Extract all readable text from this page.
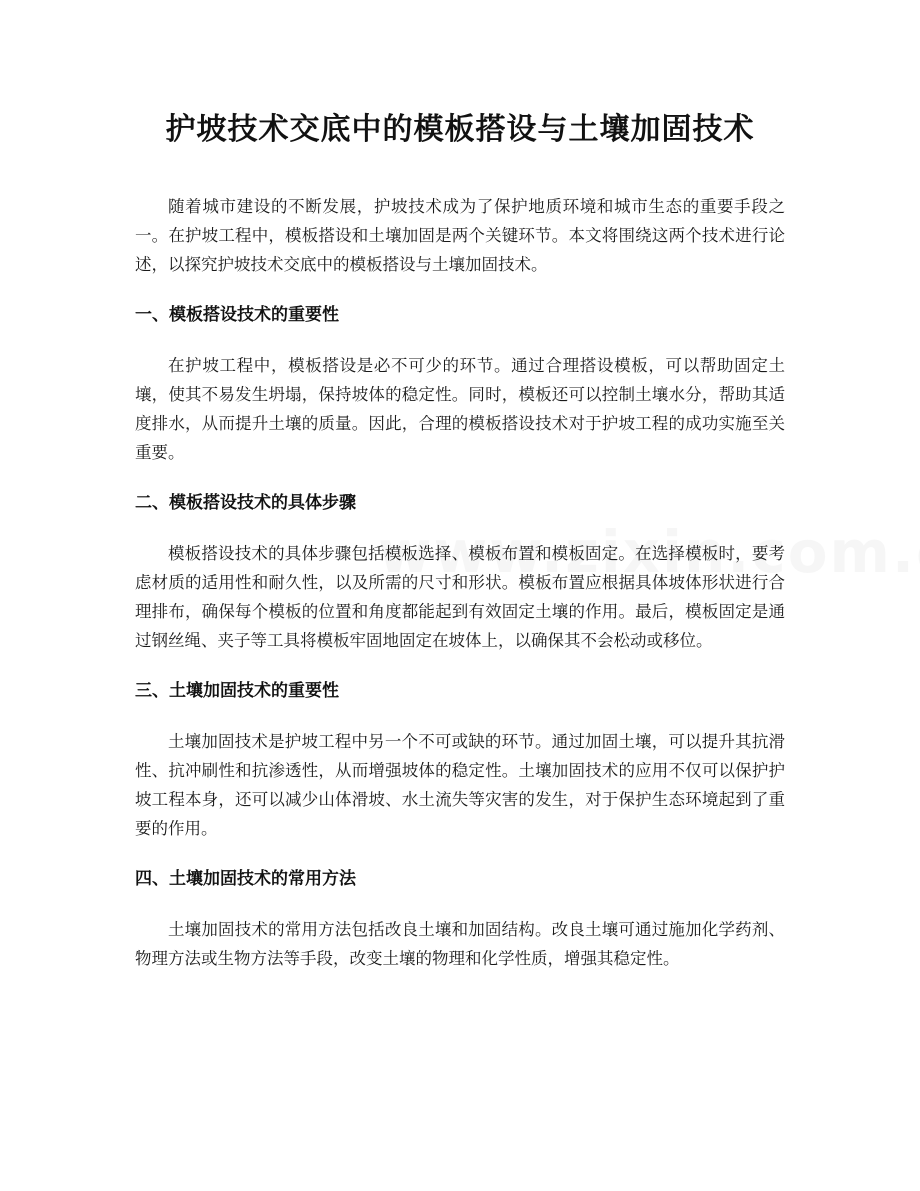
护坡技术交底中的模板搭设与土壤加固技术

随着城市建设的不断发展，护坡技术成为了保护地质环境和城市生态的重要手段之一。在护坡工程中，模板搭设和土壤加固是两个关键环节。本文将围绕这两个技术进行论述，以探究护坡技术交底中的模板搭设与土壤加固技术。

一、模板搭设技术的重要性

在护坡工程中，模板搭设是必不可少的环节。通过合理搭设模板，可以帮助固定土壤，使其不易发生坍塌，保持坡体的稳定性。同时，模板还可以控制土壤水分，帮助其适度排水，从而提升土壤的质量。因此，合理的模板搭设技术对于护坡工程的成功实施至关重要。

二、模板搭设技术的具体步骤

模板搭设技术的具体步骤包括模板选择、模板布置和模板固定。在选择模板时，要考虑材质的适用性和耐久性，以及所需的尺寸和形状。模板布置应根据具体坡体形状进行合理排布，确保每个模板的位置和角度都能起到有效固定土壤的作用。最后，模板固定是通过钢丝绳、夹子等工具将模板牢固地固定在坡体上，以确保其不会松动或移位。

三、土壤加固技术的重要性

土壤加固技术是护坡工程中另一个不可或缺的环节。通过加固土壤，可以提升其抗滑性、抗冲刷性和抗渗透性，从而增强坡体的稳定性。土壤加固技术的应用不仅可以保护护坡工程本身，还可以减少山体滑坡、水土流失等灾害的发生，对于保护生态环境起到了重要的作用。

四、土壤加固技术的常用方法

土壤加固技术的常用方法包括改良土壤和加固结构。改良土壤可通过施加化学药剂、物理方法或生物方法等手段，改变土壤的物理和化学性质，增强其稳定性。
